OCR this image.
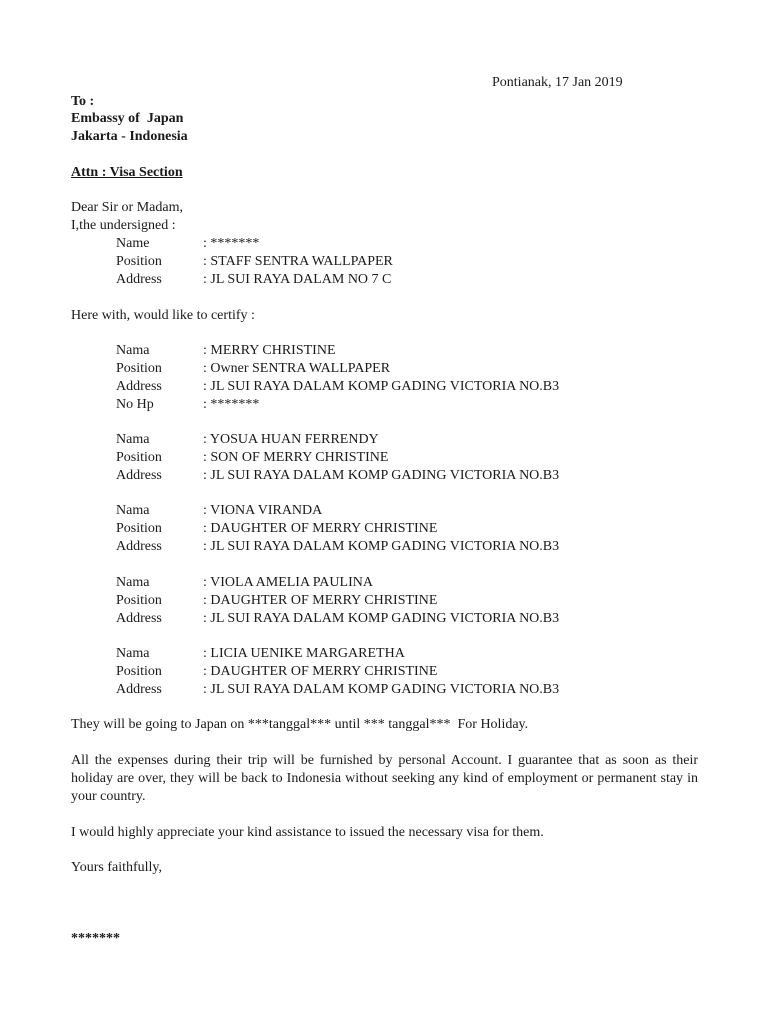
Pontianak, 17 Jan 2019
To :
Embassy of  Japan
Jakarta - Indonesia
Attn : Visa Section
Dear Sir or Madam,
I,the undersigned :
Name	: *******
Position	: STAFF SENTRA WALLPAPER
Address	: JL SUI RAYA DALAM NO 7 C
Here with, would like to certify :
Nama	: MERRY CHRISTINE
Position	: Owner SENTRA WALLPAPER
Address	: JL SUI RAYA DALAM KOMP GADING VICTORIA NO.B3
No Hp	: *******
Nama	: YOSUA HUAN FERRENDY
Position	: SON OF MERRY CHRISTINE
Address	: JL SUI RAYA DALAM KOMP GADING VICTORIA NO.B3
Nama	: VIONA VIRANDA
Position	: DAUGHTER OF MERRY CHRISTINE
Address	: JL SUI RAYA DALAM KOMP GADING VICTORIA NO.B3
Nama	: VIOLA AMELIA PAULINA
Position	: DAUGHTER OF MERRY CHRISTINE
Address	: JL SUI RAYA DALAM KOMP GADING VICTORIA NO.B3
Nama	: LICIA UENIKE MARGARETHA
Position	: DAUGHTER OF MERRY CHRISTINE
Address	: JL SUI RAYA DALAM KOMP GADING VICTORIA NO.B3
They will be going to Japan on ***tanggal*** until *** tanggal***  For Holiday.
All the expenses during their trip will be furnished by personal Account. I guarantee that as soon as their holiday are over, they will be back to Indonesia without seeking any kind of employment or permanent stay in your country.
I would highly appreciate your kind assistance to issued the necessary visa for them.
Yours faithfully,
*******
